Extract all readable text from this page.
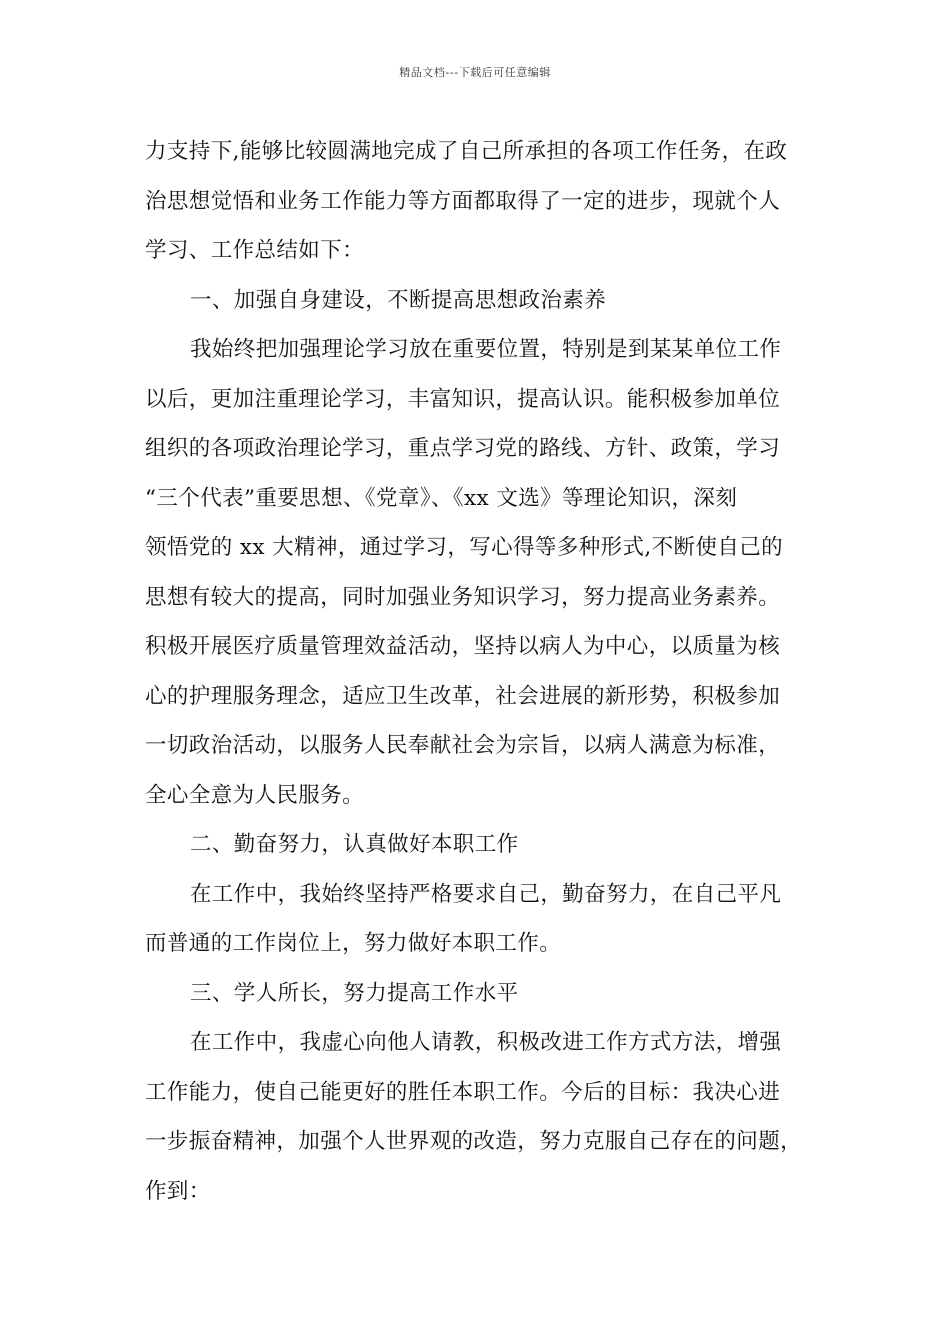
精品文档---下载后可任意编辑
力支持下,能够比较圆满地完成了自己所承担的各项工作任务，在政
治思想觉悟和业务工作能力等方面都取得了一定的进步，现就个人
学习、工作总结如下：
一、加强自身建设，不断提高思想政治素养
我始终把加强理论学习放在重要位置，特别是到某某单位工作
以后，更加注重理论学习，丰富知识，提高认识。能积极参加单位
组织的各项政治理论学习，重点学习党的路线、方针、政策，学习
“三个代表”重要思想、《党章》、《xx 文选》等理论知识，深刻
领悟党的 xx 大精神，通过学习，写心得等多种形式,不断使自己的
思想有较大的提高，同时加强业务知识学习，努力提高业务素养。
积极开展医疗质量管理效益活动，坚持以病人为中心，以质量为核
心的护理服务理念，适应卫生改革，社会进展的新形势，积极参加
一切政治活动，以服务人民奉献社会为宗旨，以病人满意为标准，
全心全意为人民服务。
二、勤奋努力，认真做好本职工作
在工作中，我始终坚持严格要求自己，勤奋努力，在自己平凡
而普通的工作岗位上，努力做好本职工作。
三、学人所长，努力提高工作水平
在工作中，我虚心向他人请教，积极改进工作方式方法，增强
工作能力，使自己能更好的胜任本职工作。今后的目标：我决心进
一步振奋精神，加强个人世界观的改造，努力克服自己存在的问题，
作到：
